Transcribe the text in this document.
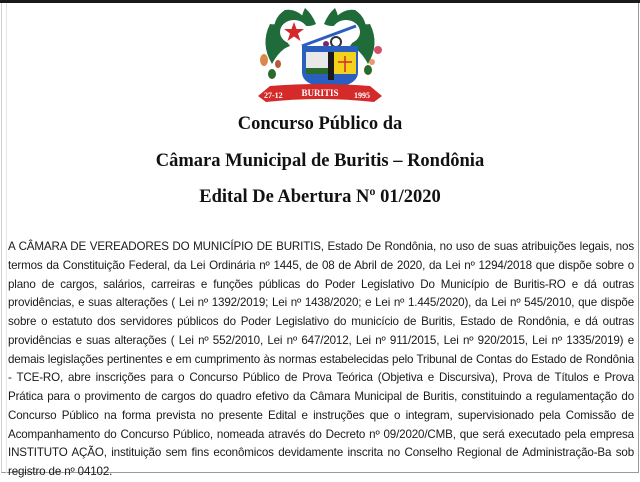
27-12 BURITIS 1995
Concurso Público da
Câmara Municipal de Buritis – Rondônia
Edital De Abertura Nº 01/2020
A CÂMARA DE VEREADORES DO MUNICÍPIO DE BURITIS, Estado De Rondônia, no uso de suas atribuições legais, nos termos da Constituição Federal, da Lei Ordinária nº 1445, de 08 de Abril de 2020, da Lei nº 1294/2018 que dispõe sobre o plano de cargos, salários, carreiras e funções públicas do Poder Legislativo Do Município de Buritis-RO e dá outras providências, e suas alterações ( Lei nº 1392/2019; Lei nº 1438/2020; e Lei nº 1.445/2020), da Lei nº 545/2010, que dispõe sobre o estatuto dos servidores públicos do Poder Legislativo do municício de Buritis, Estado de Rondônia, e dá outras providências e suas alterações ( Lei nº 552/2010, Lei nº 647/2012, Lei nº 911/2015, Lei nº 920/2015, Lei nº 1335/2019) e demais legislações pertinentes e em cumprimento às normas estabelecidas pelo Tribunal de Contas do Estado de Rondônia - TCE-RO, abre inscrições para o Concurso Público de Prova Teórica (Objetiva e Discursiva), Prova de Títulos e Prova Prática para o provimento de cargos do quadro efetivo da Câmara Municipal de Buritis, constituindo a regulamentação do Concurso Público na forma prevista no presente Edital e instruções que o integram, supervisionado pela Comissão de Acompanhamento do Concurso Público, nomeada através do Decreto nº 09/2020/CMB, que será executado pela empresa INSTITUTO AÇÃO, instituição sem fins econômicos devidamente inscrita no Conselho Regional de Administração-Ba sob registro de nº 04102.
